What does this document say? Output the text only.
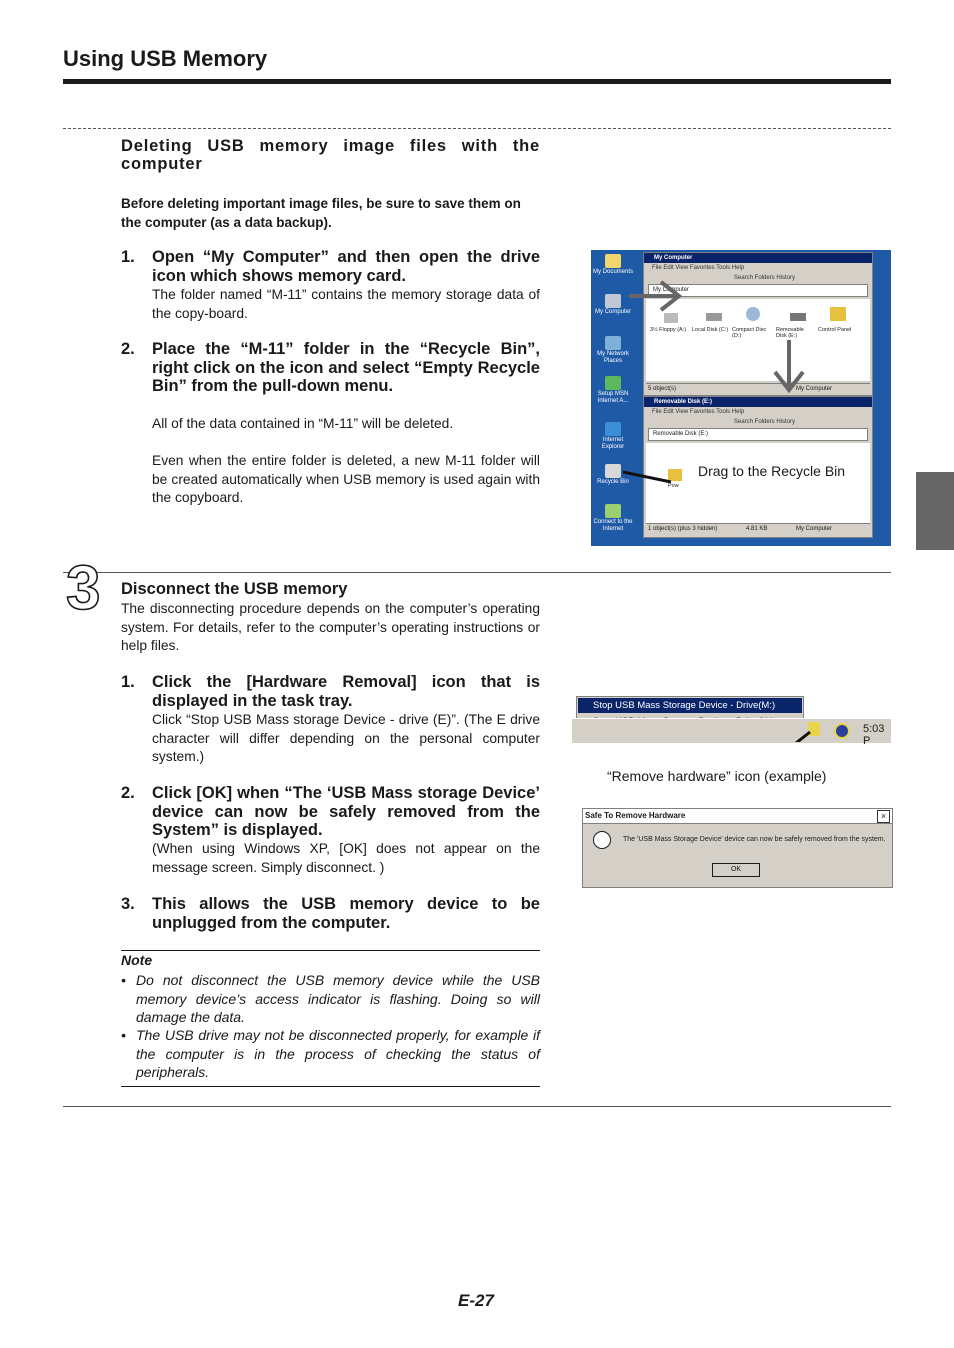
Using USB Memory
Deleting USB memory image files with the computer
Before deleting important image files, be sure to save them on the computer (as a data backup).
1. Open “My Computer” and then open the drive icon which shows memory card.
The folder named “M-11” contains the memory storage data of the copy-board.
2. Place the “M-11” folder in the “Recycle Bin”, right click on the icon and select “Empty Recycle Bin” from the pull-down menu.
All of the data contained in “M-11” will be deleted.
Even when the entire folder is deleted, a new M-11 folder will be created automatically when USB memory is used again with the copyboard.
My Documents
My Computer
My Network Places
Setup MSN Internet A...
Internet Explorer
Recycle Bin
Connect to the Internet
My Computer
File Edit View Favorites Tools Help
Search Folders History
My Computer
3½ Floppy (A:) Local Disk (C:) Compact Disc (D:)
Removable Disk (E:)
Control Panel
5 object(s)	My Computer
Removable Disk (E:)
File Edit View Favorites Tools Help
Search Folders History
Removable Disk (E:)
Pow
Drag to the Recycle Bin
1 object(s) (plus 3 hidden)	4.81 KB	My Computer
3 Disconnect the USB memory
The disconnecting procedure depends on the computer’s operating system. For details, refer to the computer’s operating instructions or help files.
1. Click the [Hardware Removal] icon that is displayed in the task tray.
Click “Stop USB Mass storage Device - drive (E)”. (The E drive character will differ depending on the personal computer system.)
2. Click [OK] when “The ‘USB Mass storage Device’ device can now be safely removed from the System” is displayed.
(When using Windows XP, [OK] does not appear on the message screen. Simply disconnect. )
3. This allows the USB memory device to be unplugged from the computer.
Stop USB Mass Storage Device - Drive(M:)
5:03 P
“Remove hardware” icon (example)
Safe To Remove Hardware	×
The 'USB Mass Storage Device' device can now be safely removed from the system.
OK
Note
• Do not disconnect the USB memory device while the USB memory device’s access indicator is flashing. Doing so will damage the data.
• The USB drive may not be disconnected properly, for example if the computer is in the process of checking the status of peripherals.
E-27
